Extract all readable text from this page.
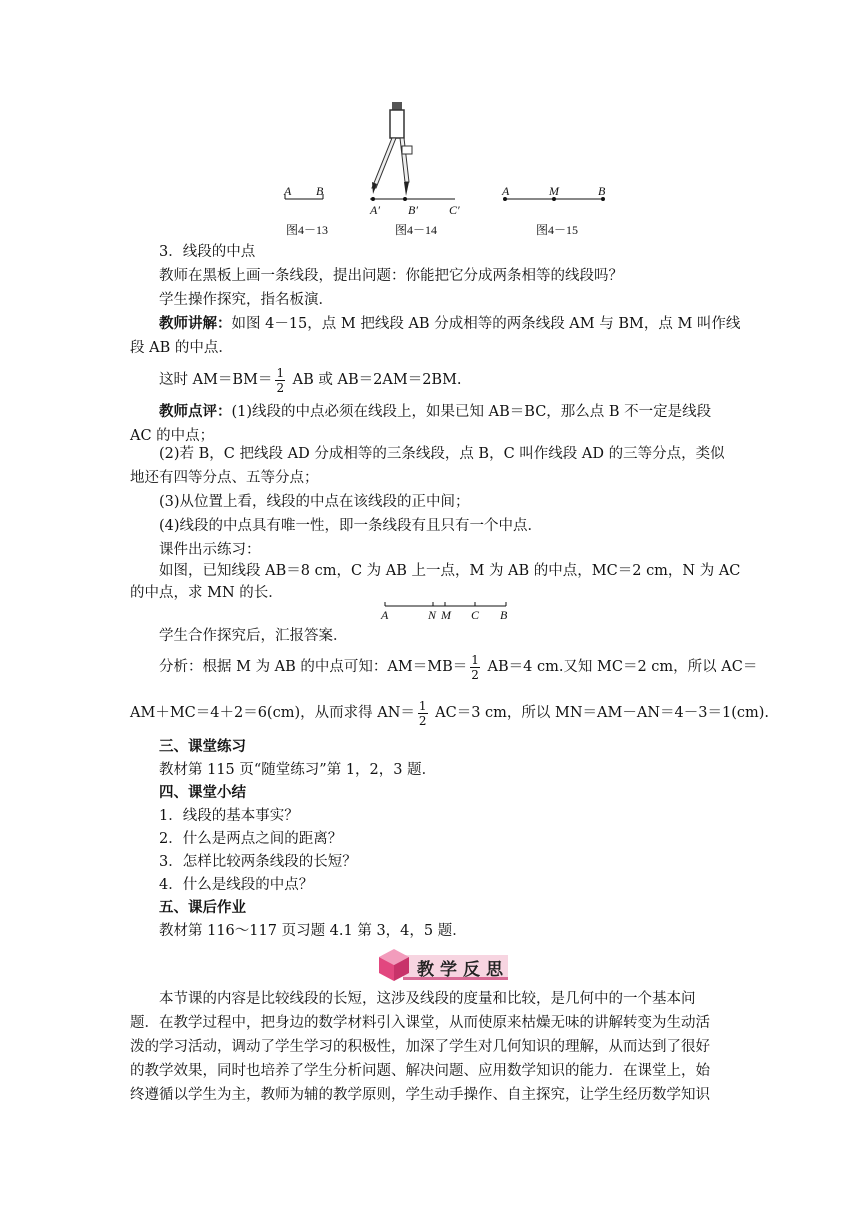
A B
图4－13
A′ B′	C′
图4－14
A	M	B
图4－15
3．线段的中点
教师在黑板上画一条线段，提出问题：你能把它分成两条相等的线段吗？
学生操作探究，指名板演．
教师讲解：如图 4－15，点 M 把线段 AB 分成相等的两条线段 AM 与 BM，点 M 叫作线
段 AB 的中点．
这时 $AM=BM= \frac{1}{2}$ AB 或 AB＝2AM＝2BM.
教师点评：(1)线段的中点必须在线段上，如果已知 AB＝BC，那么点 B 不一定是线段
AC 的中点；
(2)若 B，C 把线段 AD 分成相等的三条线段，点 B，C 叫作线段 AD 的三等分点，类似
地还有四等分点、五等分点；
(3)从位置上看，线段的中点在该线段的正中间；
(4)线段的中点具有唯一性，即一条线段有且只有一个中点．
课件出示练习：
如图，已知线段 AB＝8 cm，C 为 AB 上一点，M 为 AB 的中点，MC＝2 cm，N 为 AC
的中点，求 MN 的长．
A	N M C B
学生合作探究后，汇报答案．
分析：根据 M 为 AB 的中点可知：$AM=MB= \frac{1}{2} AB=4$ cm.又知 MC＝2 cm，所以 AC＝
AM＋MC＝4＋2＝6(cm)，从而求得 $AN= \frac{1}{2} AC=3$ cm，所以 MN＝AM－AN＝4－3＝1(cm).
三、课堂练习
教材第 115 页“随堂练习”第 1，2，3 题．
四、课堂小结
1．线段的基本事实？
2．什么是两点之间的距离？
3．怎样比较两条线段的长短？
4．什么是线段的中点？
五、课后作业
教材第 116～117 页习题 4.1 第 3，4，5 题．
教学反思
本节课的内容是比较线段的长短，这涉及线段的度量和比较，是几何中的一个基本问
题．在教学过程中，把身边的数学材料引入课堂，从而使原来枯燥无味的讲解转变为生动活
泼的学习活动，调动了学生学习的积极性，加深了学生对几何知识的理解，从而达到了很好
的教学效果，同时也培养了学生分析问题、解决问题、应用数学知识的能力．在课堂上，始
终遵循以学生为主，教师为辅的教学原则，学生动手操作、自主探究，让学生经历数学知识
